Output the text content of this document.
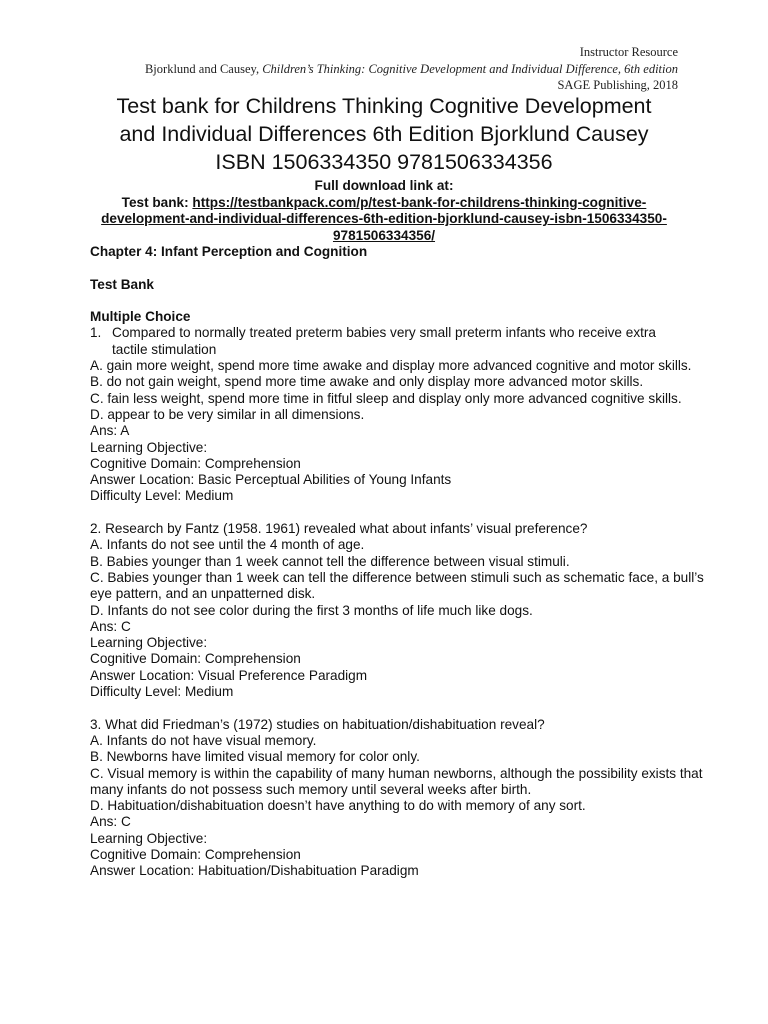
Instructor Resource
Bjorklund and Causey, Children’s Thinking: Cognitive Development and Individual Difference, 6th edition
SAGE Publishing, 2018
Test bank for Childrens Thinking Cognitive Development
and Individual Differences 6th Edition Bjorklund Causey
ISBN 1506334350 9781506334356
Full download link at:
Test bank: https://testbankpack.com/p/test-bank-for-childrens-thinking-cognitive-
development-and-individual-differences-6th-edition-bjorklund-causey-isbn-1506334350-
9781506334356/
Chapter 4: Infant Perception and Cognition
Test Bank
Multiple Choice
1. Compared to normally treated preterm babies very small preterm infants who receive extra
tactile stimulation
A. gain more weight, spend more time awake and display more advanced cognitive and motor skills.
B. do not gain weight, spend more time awake and only display more advanced motor skills.
C. fain less weight, spend more time in fitful sleep and display only more advanced cognitive skills.
D. appear to be very similar in all dimensions.
Ans: A
Learning Objective:
Cognitive Domain: Comprehension
Answer Location: Basic Perceptual Abilities of Young Infants
Difficulty Level: Medium
2. Research by Fantz (1958. 1961) revealed what about infants’ visual preference?
A. Infants do not see until the 4 month of age.
B. Babies younger than 1 week cannot tell the difference between visual stimuli.
C. Babies younger than 1 week can tell the difference between stimuli such as schematic face, a bull’s eye pattern, and an unpatterned disk.
D. Infants do not see color during the first 3 months of life much like dogs.
Ans: C
Learning Objective:
Cognitive Domain: Comprehension
Answer Location: Visual Preference Paradigm
Difficulty Level: Medium
3. What did Friedman’s (1972) studies on habituation/dishabituation reveal?
A. Infants do not have visual memory.
B. Newborns have limited visual memory for color only.
C. Visual memory is within the capability of many human newborns, although the possibility exists that many infants do not possess such memory until several weeks after birth.
D. Habituation/dishabituation doesn’t have anything to do with memory of any sort.
Ans: C
Learning Objective:
Cognitive Domain: Comprehension
Answer Location: Habituation/Dishabituation Paradigm
